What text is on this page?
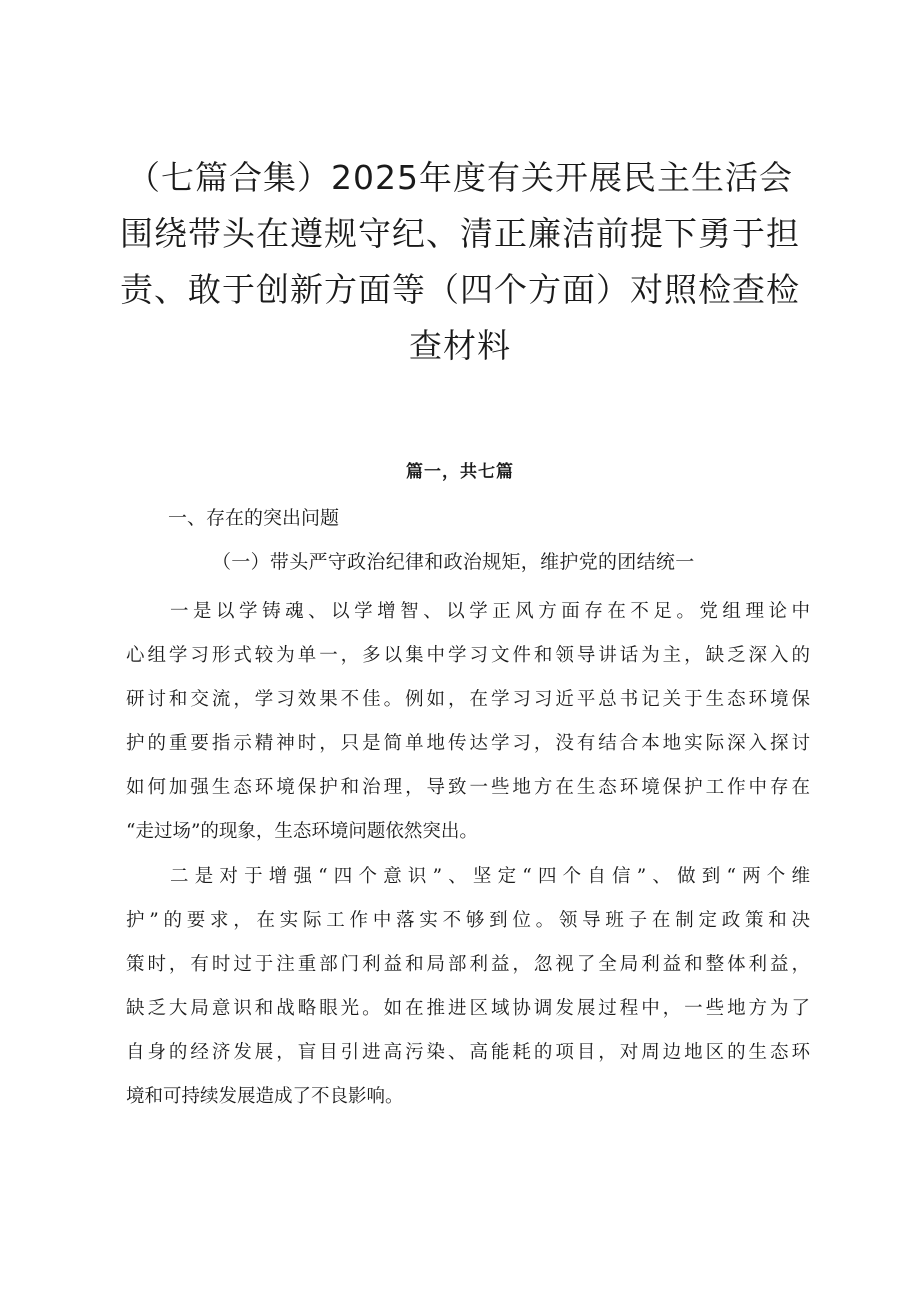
（七篇合集）2025年度有关开展民主生活会
围绕带头在遵规守纪、清正廉洁前提下勇于担
责、敢于创新方面等（四个方面）对照检查检
查材料
篇一，共七篇
一、存在的突出问题
（一）带头严守政治纪律和政治规矩，维护党的团结统一

一是以学铸魂、以学增智、以学正风方面存在不足。党组理论中
心组学习形式较为单一，多以集中学习文件和领导讲话为主，缺乏深入的
研讨和交流，学习效果不佳。例如，在学习习近平总书记关于生态环境保
护的重要指示精神时，只是简单地传达学习，没有结合本地实际深入探讨
如何加强生态环境保护和治理，导致一些地方在生态环境保护工作中存在
“走过场”的现象，生态环境问题依然突出。

二是对于增强“四个意识”、坚定“四个自信”、做到“两个维
护”的要求，在实际工作中落实不够到位。领导班子在制定政策和决
策时，有时过于注重部门利益和局部利益，忽视了全局利益和整体利益，
缺乏大局意识和战略眼光。如在推进区域协调发展过程中，一些地方为了
自身的经济发展，盲目引进高污染、高能耗的项目，对周边地区的生态环
境和可持续发展造成了不良影响。
